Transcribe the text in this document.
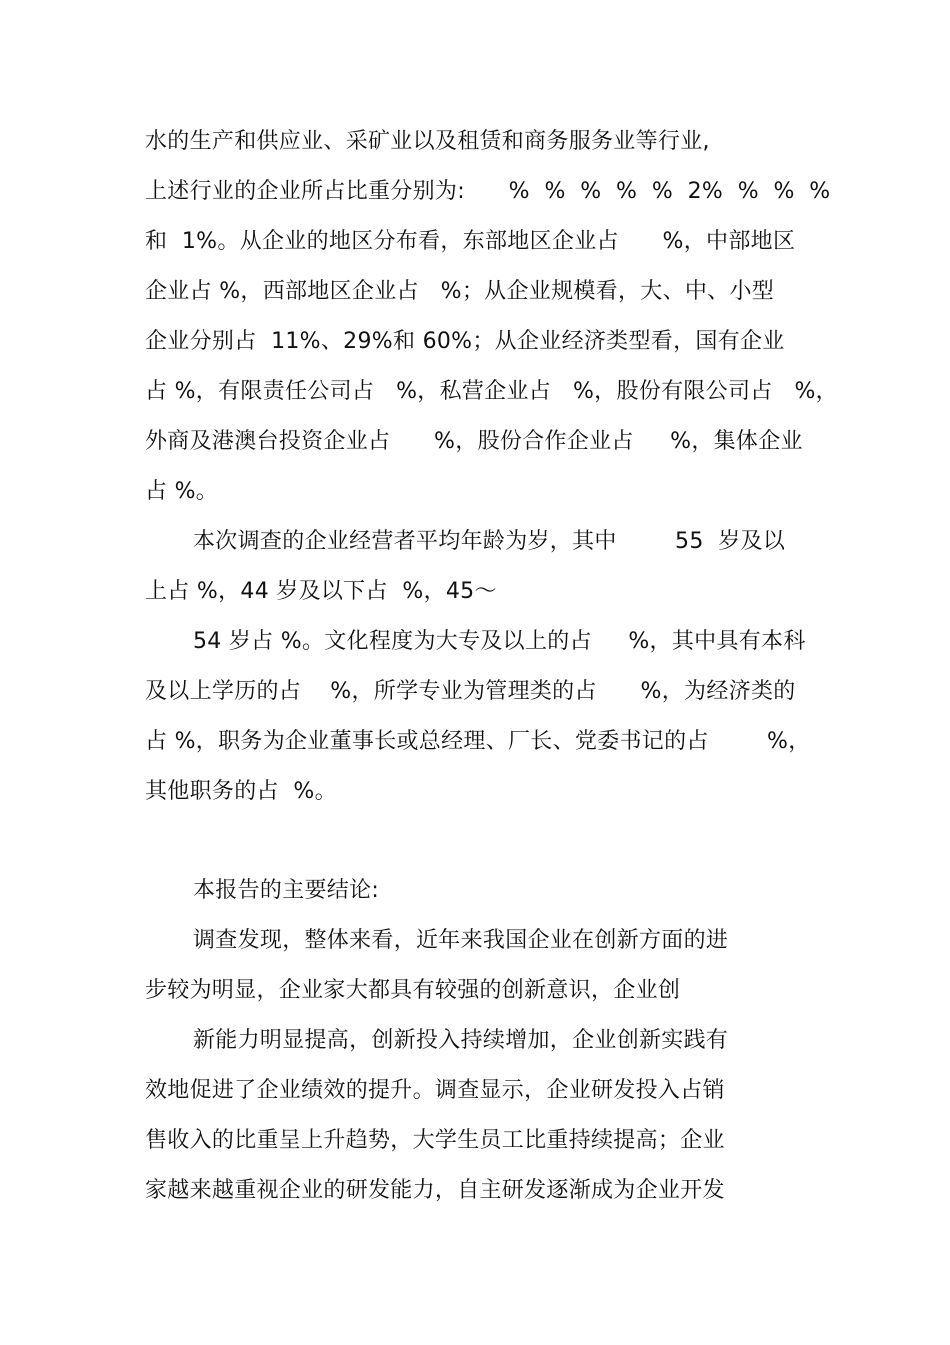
水的生产和供应业、采矿业以及租赁和商务服务业等行业,
上述行业的企业所占比重分别为:      %  %  %  %  %  2%  %  %  %
和  1%。从企业的地区分布看，东部地区企业占      %，中部地区
企业占 %，西部地区企业占   %；从企业规模看，大、中、小型
企业分别占  11%、29%和 60%；从企业经济类型看，国有企业
占 %，有限责任公司占   %，私营企业占   %，股份有限公司占   %，
外商及港澳台投资企业占      %，股份合作企业占     %，集体企业
占 %。
本次调查的企业经营者平均年龄为岁，其中        55  岁及以
上占 %，44 岁及以下占  %，45～
54 岁占 %。文化程度为大专及以上的占     %，其中具有本科
及以上学历的占    %，所学专业为管理类的占      %，为经济类的
占 %，职务为企业董事长或总经理、厂长、党委书记的占        %，
其他职务的占  %。
本报告的主要结论:
调查发现，整体来看，近年来我国企业在创新方面的进
步较为明显，企业家大都具有较强的创新意识，企业创
新能力明显提高，创新投入持续增加，企业创新实践有
效地促进了企业绩效的提升。调查显示，企业研发投入占销
售收入的比重呈上升趋势，大学生员工比重持续提高；企业
家越来越重视企业的研发能力，自主研发逐渐成为企业开发
